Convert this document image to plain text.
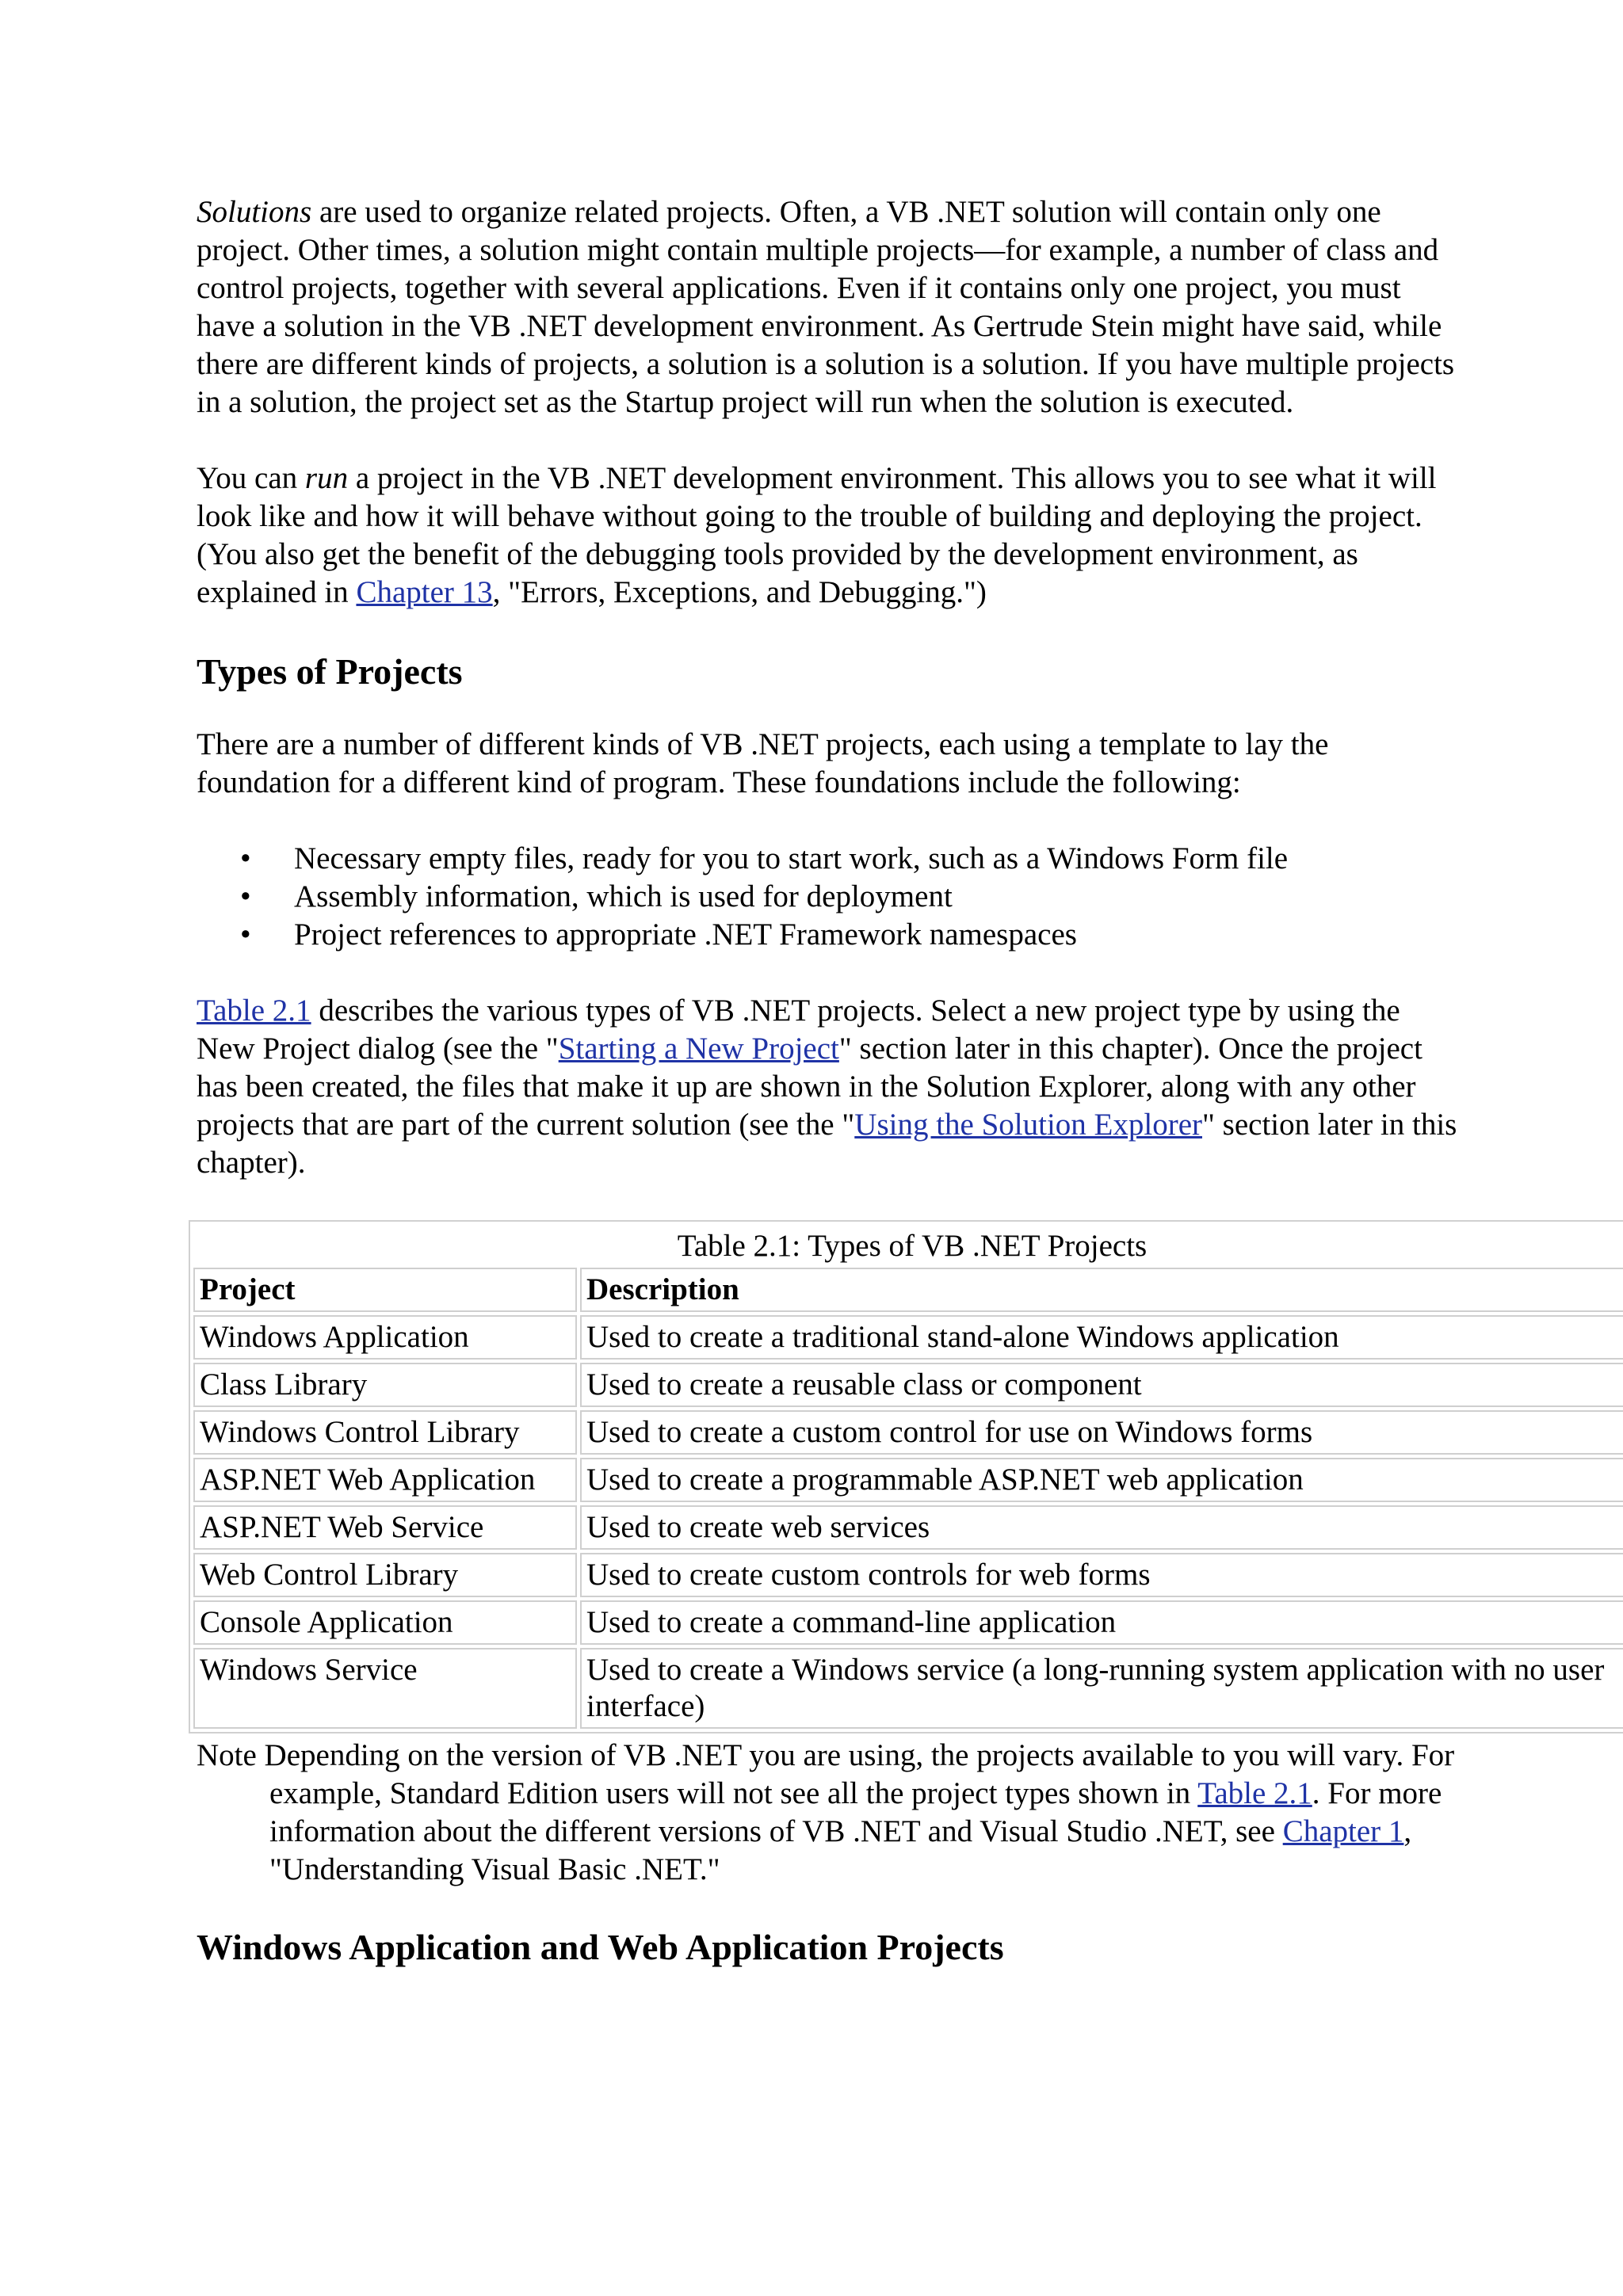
Solutions are used to organize related projects. Often, a VB .NET solution will contain only one project. Other times, a solution might contain multiple projects—for example, a number of class and control projects, together with several applications. Even if it contains only one project, you must have a solution in the VB .NET development environment. As Gertrude Stein might have said, while there are different kinds of projects, a solution is a solution is a solution. If you have multiple projects in a solution, the project set as the Startup project will run when the solution is executed.

You can run a project in the VB .NET development environment. This allows you to see what it will look like and how it will behave without going to the trouble of building and deploying the project. (You also get the benefit of the debugging tools provided by the development environment, as explained in Chapter 13, "Errors, Exceptions, and Debugging.")

Types of Projects

There are a number of different kinds of VB .NET projects, each using a template to lay the foundation for a different kind of program. These foundations include the following:

• Necessary empty files, ready for you to start work, such as a Windows Form file
• Assembly information, which is used for deployment
• Project references to appropriate .NET Framework namespaces

Table 2.1 describes the various types of VB .NET projects. Select a new project type by using the New Project dialog (see the "Starting a New Project" section later in this chapter). Once the project has been created, the files that make it up are shown in the Solution Explorer, along with any other projects that are part of the current solution (see the "Using the Solution Explorer" section later in this chapter).

Table 2.1: Types of VB .NET Projects
Project	Description
Windows Application	Used to create a traditional stand-alone Windows application
Class Library	Used to create a reusable class or component
Windows Control Library	Used to create a custom control for use on Windows forms
ASP.NET Web Application	Used to create a programmable ASP.NET web application
ASP.NET Web Service	Used to create web services
Web Control Library	Used to create custom controls for web forms
Console Application	Used to create a command-line application
Windows Service	Used to create a Windows service (a long-running system application with no user interface)

Note Depending on the version of VB .NET you are using, the projects available to you will vary. For example, Standard Edition users will not see all the project types shown in Table 2.1. For more information about the different versions of VB .NET and Visual Studio .NET, see Chapter 1, "Understanding Visual Basic .NET."

Windows Application and Web Application Projects
